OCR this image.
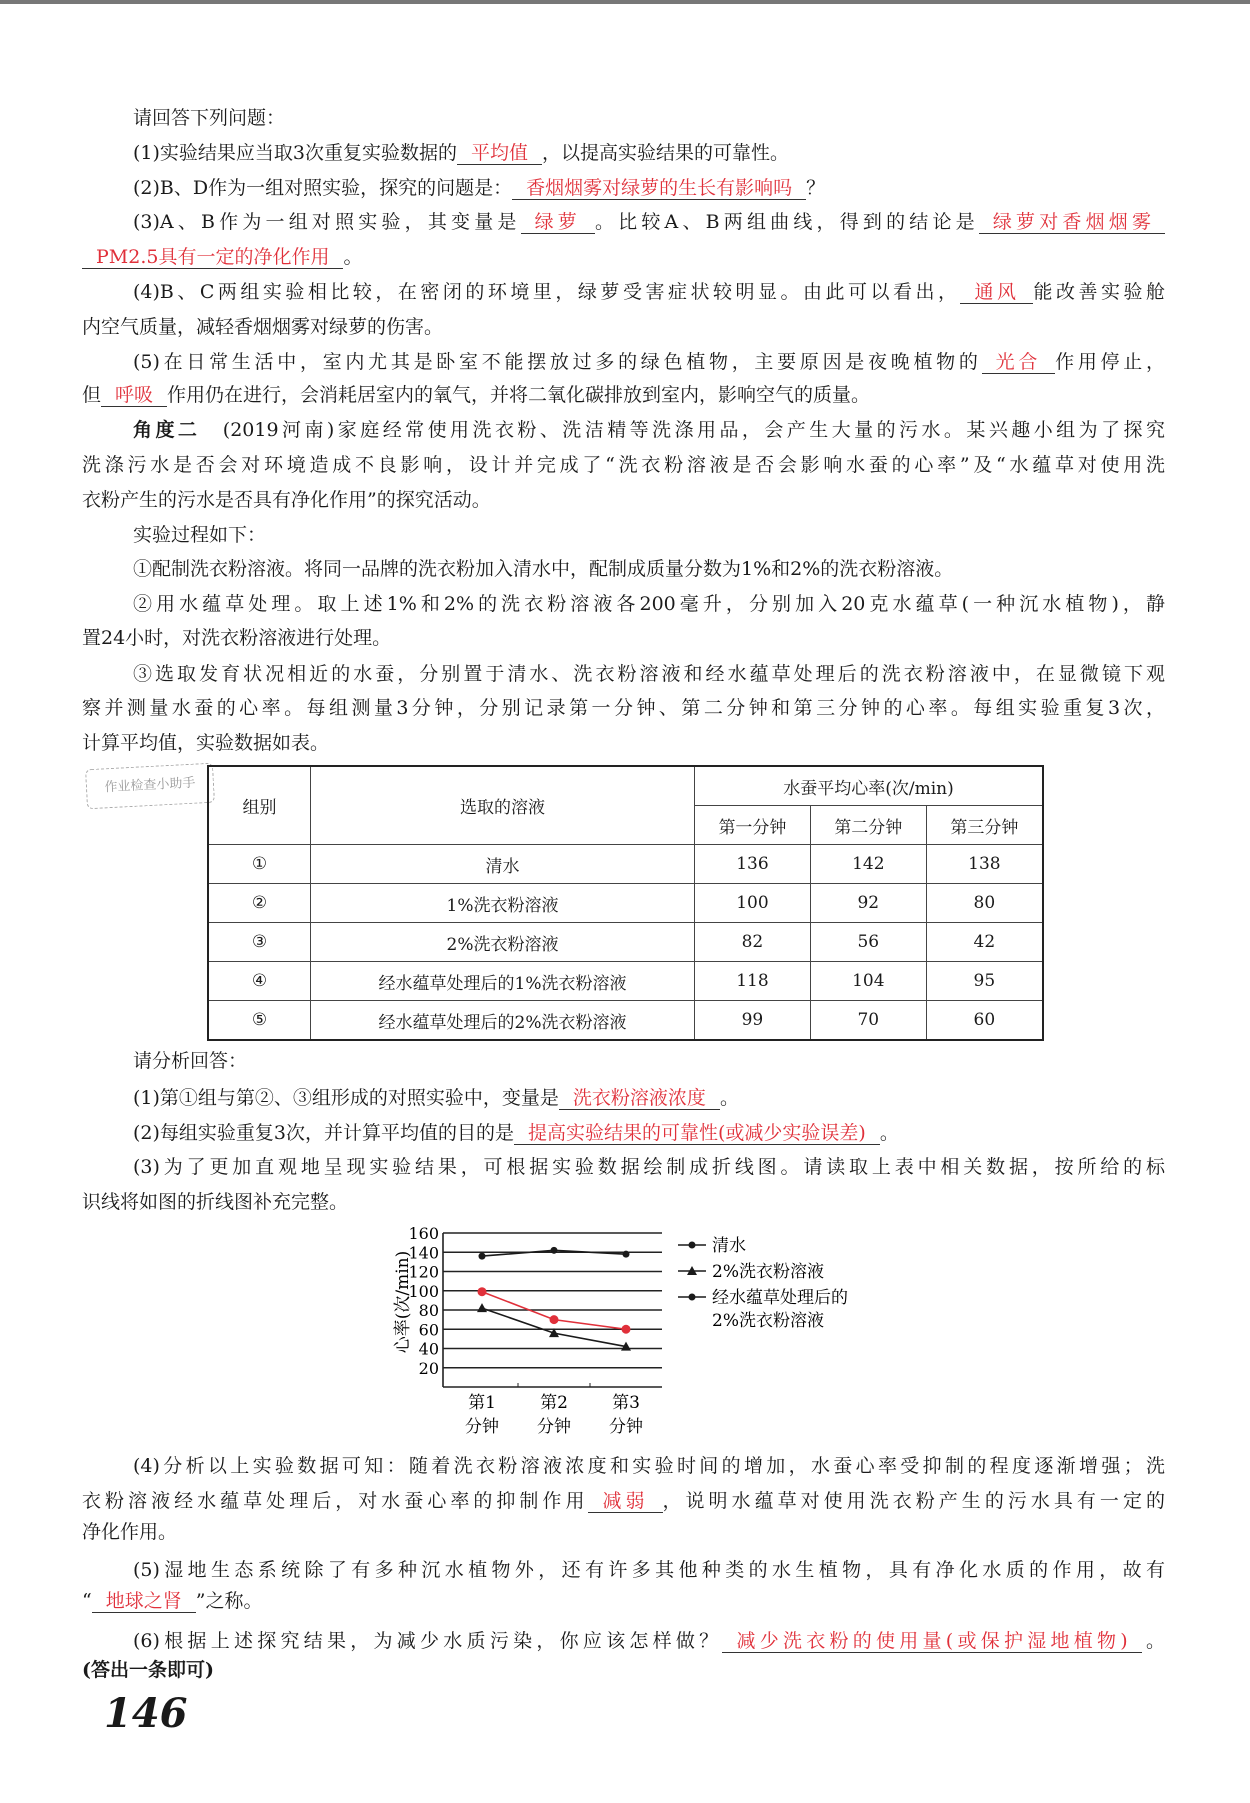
请回答下列问题：
(1)实验结果应当取3次重复实验数据的 平均值 ，以提高实验结果的可靠性。
(2)B、D作为一组对照实验，探究的问题是： 香烟烟雾对绿萝的生长有影响吗 ？
(3)A、B作为一组对照实验，其变量是 绿萝 。比较A、B两组曲线，得到的结论是 绿萝对香烟烟雾
PM2.5具有一定的净化作用 。
(4)B、C两组实验相比较，在密闭的环境里，绿萝受害症状较明显。由此可以看出， 通风 能改善实验舱
内空气质量，减轻香烟烟雾对绿萝的伤害。
(5)在日常生活中，室内尤其是卧室不能摆放过多的绿色植物，主要原因是夜晚植物的 光合 作用停止，
但 呼吸 作用仍在进行，会消耗居室内的氧气，并将二氧化碳排放到室内，影响空气的质量。
角度二　(2019河南)家庭经常使用洗衣粉、洗洁精等洗涤用品，会产生大量的污水。某兴趣小组为了探究
洗涤污水是否会对环境造成不良影响，设计并完成了“洗衣粉溶液是否会影响水蚕的心率”及“水蕴草对使用洗
衣粉产生的污水是否具有净化作用”的探究活动。
实验过程如下：
①配制洗衣粉溶液。将同一品牌的洗衣粉加入清水中，配制成质量分数为1%和2%的洗衣粉溶液。
②用水蕴草处理。取上述1%和2%的洗衣粉溶液各200毫升，分别加入20克水蕴草(一种沉水植物)，静
置24小时，对洗衣粉溶液进行处理。
③选取发育状况相近的水蚕，分别置于清水、洗衣粉溶液和经水蕴草处理后的洗衣粉溶液中，在显微镜下观
察并测量水蚕的心率。每组测量3分钟，分别记录第一分钟、第二分钟和第三分钟的心率。每组实验重复3次，
计算平均值，实验数据如表。
请分析回答：
(1)第①组与第②、③组形成的对照实验中，变量是 洗衣粉溶液浓度 。
(2)每组实验重复3次，并计算平均值的目的是 提高实验结果的可靠性(或减少实验误差) 。
(3)为了更加直观地呈现实验结果，可根据实验数据绘制成折线图。请读取上表中相关数据，按所给的标
识线将如图的折线图补充完整。
(4)分析以上实验数据可知：随着洗衣粉溶液浓度和实验时间的增加，水蚕心率受抑制的程度逐渐增强；洗
衣粉溶液经水蕴草处理后，对水蚕心率的抑制作用 减弱 ，说明水蕴草对使用洗衣粉产生的污水具有一定的
净化作用。
(5)湿地生态系统除了有多种沉水植物外，还有许多其他种类的水生植物，具有净化水质的作用，故有
“ 地球之肾 ”之称。
(6)根据上述探究结果，为减少水质污染，你应该怎样做？ 减少洗衣粉的使用量(或保护湿地植物) 。
(答出一条即可)
作业检查小助手
组别	选取的溶液	水蚕平均心率(次/min)		
		第一分钟	第二分钟	第三分钟
①	清水	136	142	138
②	1%洗衣粉溶液	100	92	80
③	2%洗衣粉溶液	82	56	42
④	经水蕴草处理后的1%洗衣粉溶液	118	104	95
⑤	经水蕴草处理后的2%洗衣粉溶液	99	70	60
20
40
60
80
100
120
140
160
第1
分钟
第2
分钟
第3
分钟
心率(次/min)
清水
2%洗衣粉溶液
经水蕴草处理后的
2%洗衣粉溶液
146
